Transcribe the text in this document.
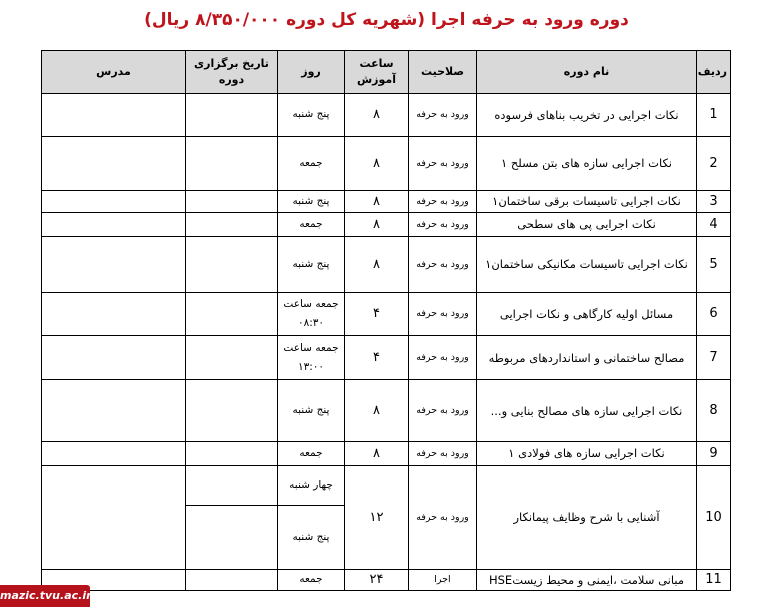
دوره ورود به حرفه اجرا (شهریه کل دوره ۸/۳۵۰/۰۰۰ ریال)
ردیف	نام دوره	صلاحیت	ساعت آموزش	روز	تاریخ برگزاری دوره	مدرس
1	نکات اجرایی در تخریب بناهای فرسوده	ورود به حرفه	۸	پنج شنبه		
2	نکات اجرایی سازه های بتن مسلح ۱	ورود به حرفه	۸	جمعه		
3	نکات اجرایی تاسیسات برقی ساختمان۱	ورود به حرفه	۸	پنج شنبه		
4	نکات اجرایی پی های سطحی	ورود به حرفه	۸	جمعه		
5	نکات اجرایی تاسیسات مکانیکی ساختمان۱	ورود به حرفه	۸	پنج شنبه		
6	مسائل اولیه کارگاهی و نکات اجرایی	ورود به حرفه	۴	جمعه ساعت ۰۸:۳۰		
7	مصالح ساختمانی و استانداردهای مربوطه	ورود به حرفه	۴	جمعه ساعت ۱۳:۰۰		
8	نکات اجرایی سازه های مصالح بنایی و...	ورود به حرفه	۸	پنج شنبه		
9	نکات اجرایی سازه های فولادی ۱	ورود به حرفه	۸	جمعه		
10	آشنایی با شرح وظایف پیمانکار	ورود به حرفه	۱۲	چهار شنبه		
				پنج شنبه		
11	مبانی سلامت ،ایمنی و محیط زیستHSE	اجرا	۲۴	جمعه		
mazic.tvu.ac.ir
